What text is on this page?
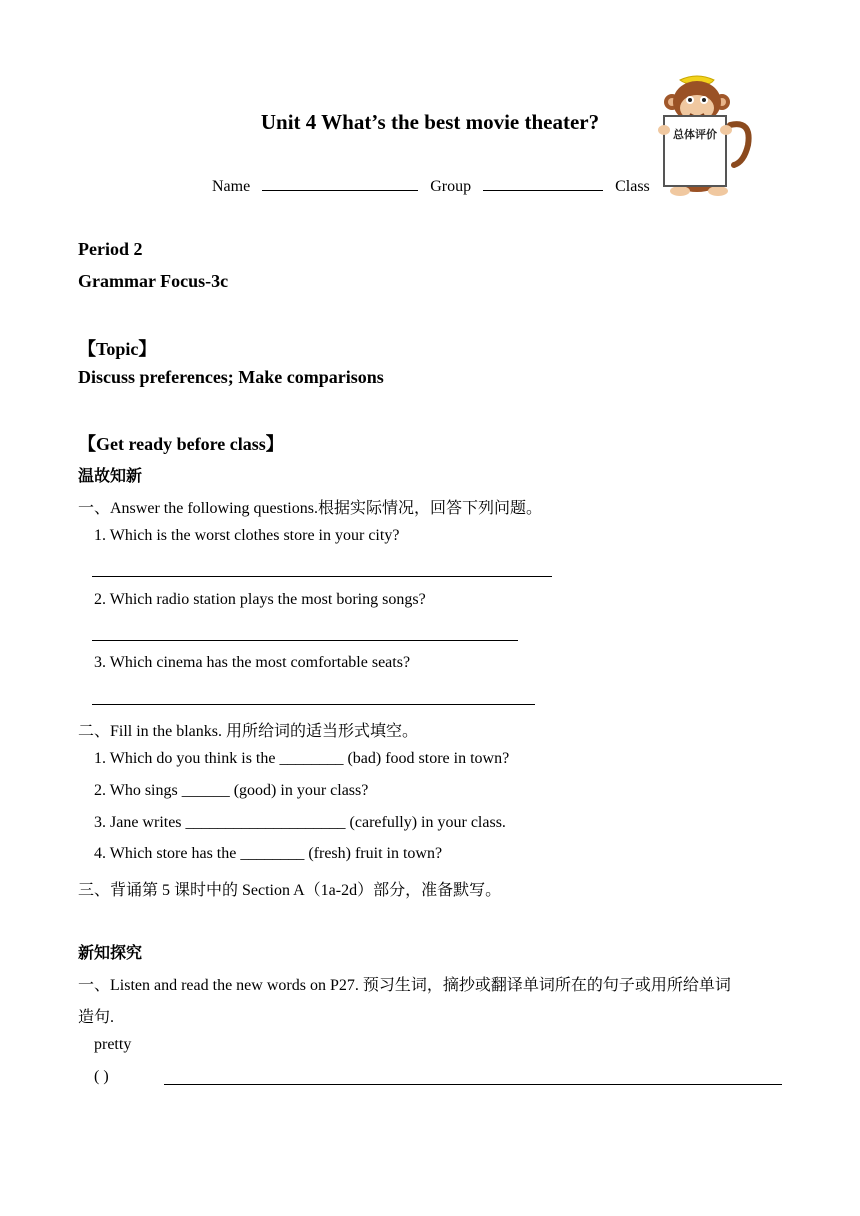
总体评价
Unit 4 What’s the best movie theater?
Name	Group	Class
Period 2
Grammar Focus-3c
【Topic】
Discuss preferences; Make comparisons
【Get ready before class】
温故知新
一、Answer the following questions.根据实际情况，回答下列问题。
1. Which is the worst clothes store in your city?
2. Which radio station plays the most boring songs?
3. Which cinema has the most comfortable seats?
二、Fill in the blanks. 用所给词的适当形式填空。
1. Which do you think is the ________ (bad) food store in town?
2. Who sings ______ (good) in your class?
3. Jane writes ____________________ (carefully) in your class.
4. Which store has the ________ (fresh) fruit in town?
三、背诵第 5 课时中的 Section A（1a-2d）部分，准备默写。
新知探究
一、Listen and read the new words on P27. 预习生词，摘抄或翻译单词所在的句子或用所给单词
造句.
pretty
( )
